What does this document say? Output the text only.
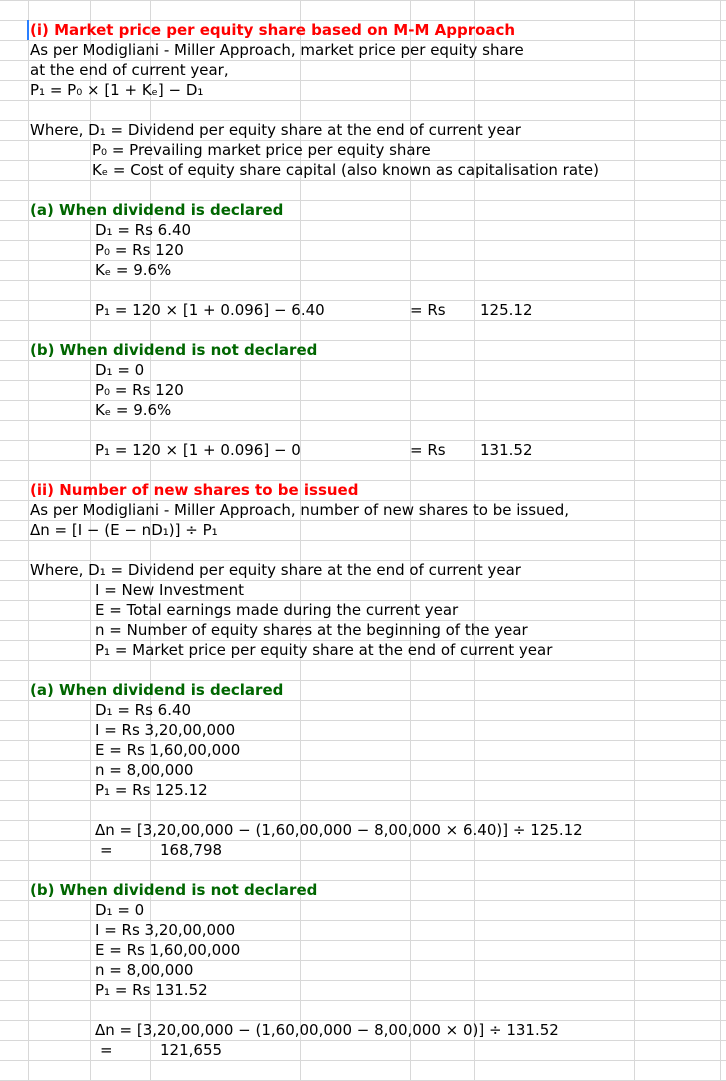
(i) Market price per equity share based on M-M Approach
As per Modigliani - Miller Approach, market price per equity share
at the end of current year,
P₁ = P₀ × [1 + Kₑ] − D₁
Where, D₁ = Dividend per equity share at the end of current year
P₀ = Prevailing market price per equity share
Kₑ = Cost of equity share capital (also known as capitalisation rate)
(a) When dividend is declared
D₁ = Rs 6.40
P₀ = Rs 120
Kₑ = 9.6%
P₁ = 120 × [1 + 0.096] − 6.40	= Rs 125.12
(b) When dividend is not declared
D₁ = 0
P₀ = Rs 120
Kₑ = 9.6%
P₁ = 120 × [1 + 0.096] − 0	= Rs 131.52
(ii) Number of new shares to be issued
As per Modigliani - Miller Approach, number of new shares to be issued,
Δn = [I − (E − nD₁)] ÷ P₁
Where, D₁ = Dividend per equity share at the end of current year
I = New Investment
E = Total earnings made during the current year
n = Number of equity shares at the beginning of the year
P₁ = Market price per equity share at the end of current year
(a) When dividend is declared
D₁ = Rs 6.40
I = Rs 3,20,00,000
E = Rs 1,60,00,000
n = 8,00,000
P₁ = Rs 125.12
Δn = [3,20,00,000 − (1,60,00,000 − 8,00,000 × 6.40)] ÷ 125.12
=	168,798
(b) When dividend is not declared
D₁ = 0
I = Rs 3,20,00,000
E = Rs 1,60,00,000
n = 8,00,000
P₁ = Rs 131.52
Δn = [3,20,00,000 − (1,60,00,000 − 8,00,000 × 0)] ÷ 131.52
=	121,655
